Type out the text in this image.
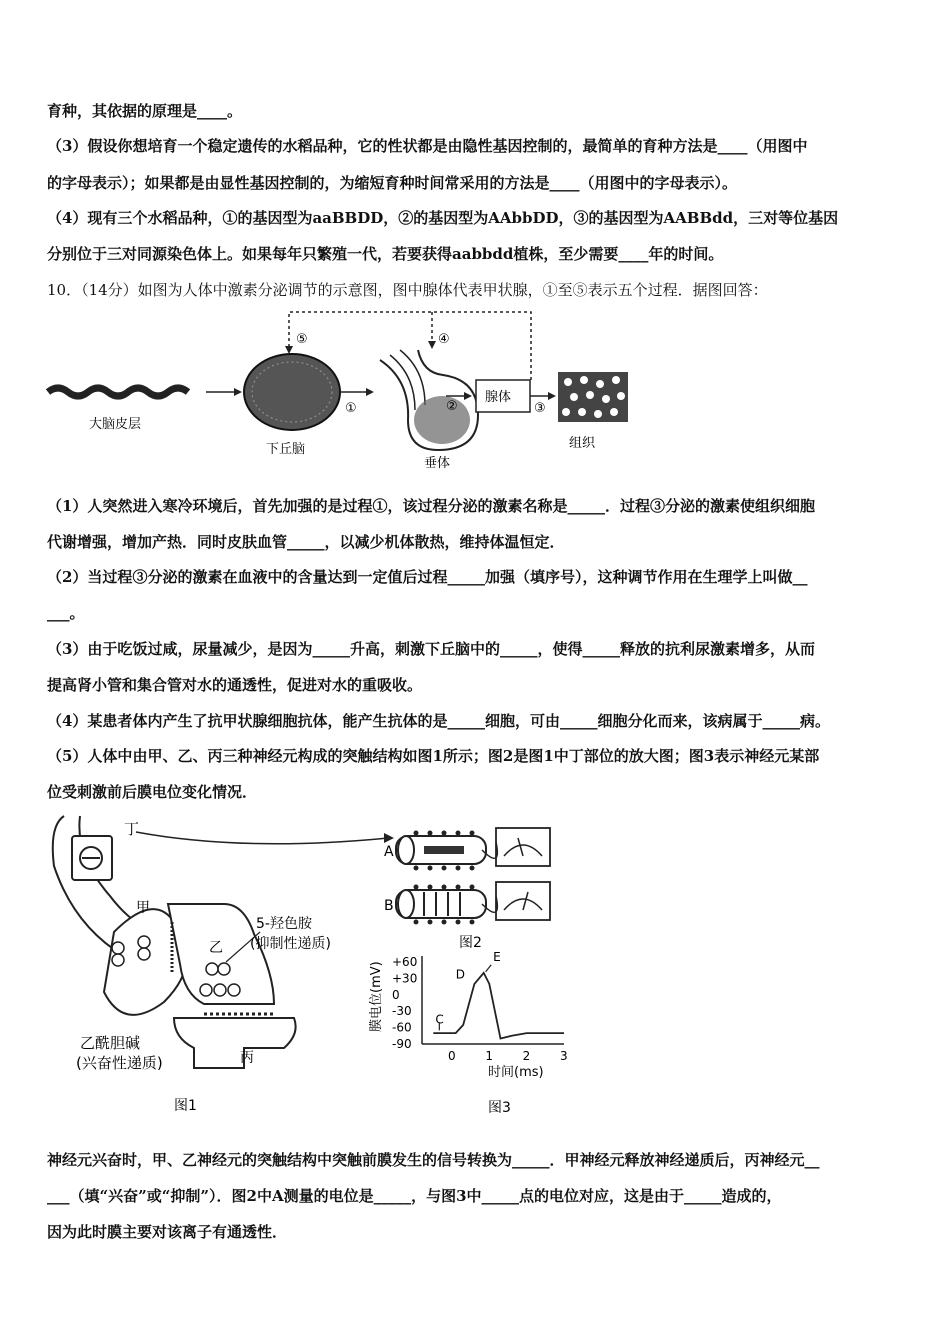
育种，其依据的原理是____。
（3）假设你想培育一个稳定遗传的水稻品种，它的性状都是由隐性基因控制的，最简单的育种方法是____（用图中
的字母表示）；如果都是由显性基因控制的，为缩短育种时间常采用的方法是____（用图中的字母表示）。
（4）现有三个水稻品种，①的基因型为aaBBDD，②的基因型为AAbbDD，③的基因型为AABBdd，三对等位基因
分别位于三对同源染色体上。如果每年只繁殖一代，若要获得aabbdd植株，至少需要____年的时间。
10．（14分）如图为人体中激素分泌调节的示意图，图中腺体代表甲状腺，①至⑤表示五个过程．据图回答：
大脑皮层
下丘脑
①
垂体
②
腺体
③
组织
⑤	④
（1）人突然进入寒冷环境后，首先加强的是过程①，该过程分泌的激素名称是_____．过程③分泌的激素使组织细胞
代谢增强，增加产热．同时皮肤血管_____，以减少机体散热，维持体温恒定．
（2）当过程③分泌的激素在血液中的含量达到一定值后过程_____加强（填序号），这种调节作用在生理学上叫做__
___。
（3）由于吃饭过咸，尿量减少，是因为_____升高，刺激下丘脑中的_____，使得_____释放的抗利尿激素增多，从而
提高肾小管和集合管对水的通透性，促进对水的重吸收。
（4）某患者体内产生了抗甲状腺细胞抗体，能产生抗体的是_____细胞，可由_____细胞分化而来，该病属于_____病。
（5）人体中由甲、乙、丙三种神经元构成的突触结构如图1所示；图2是图1中丁部位的放大图；图3表示神经元某部
位受刺激前后膜电位变化情况．
丁
甲
乙
5-羟色胺
(抑制性递质)
丙
乙酰胆碱
(兴奋性递质)
图1
A
B
图2
+60
+30
0
-30
-60
-90
0 1 2 3
膜电位(mV)
时间(ms)
C
D
E
图3
神经元兴奋时，甲、乙神经元的突触结构中突触前膜发生的信号转换为_____．甲神经元释放神经递质后，丙神经元__
___（填“兴奋”或“抑制”）．图2中A测量的电位是_____，与图3中_____点的电位对应，这是由于_____造成的，
因为此时膜主要对该离子有通透性．
